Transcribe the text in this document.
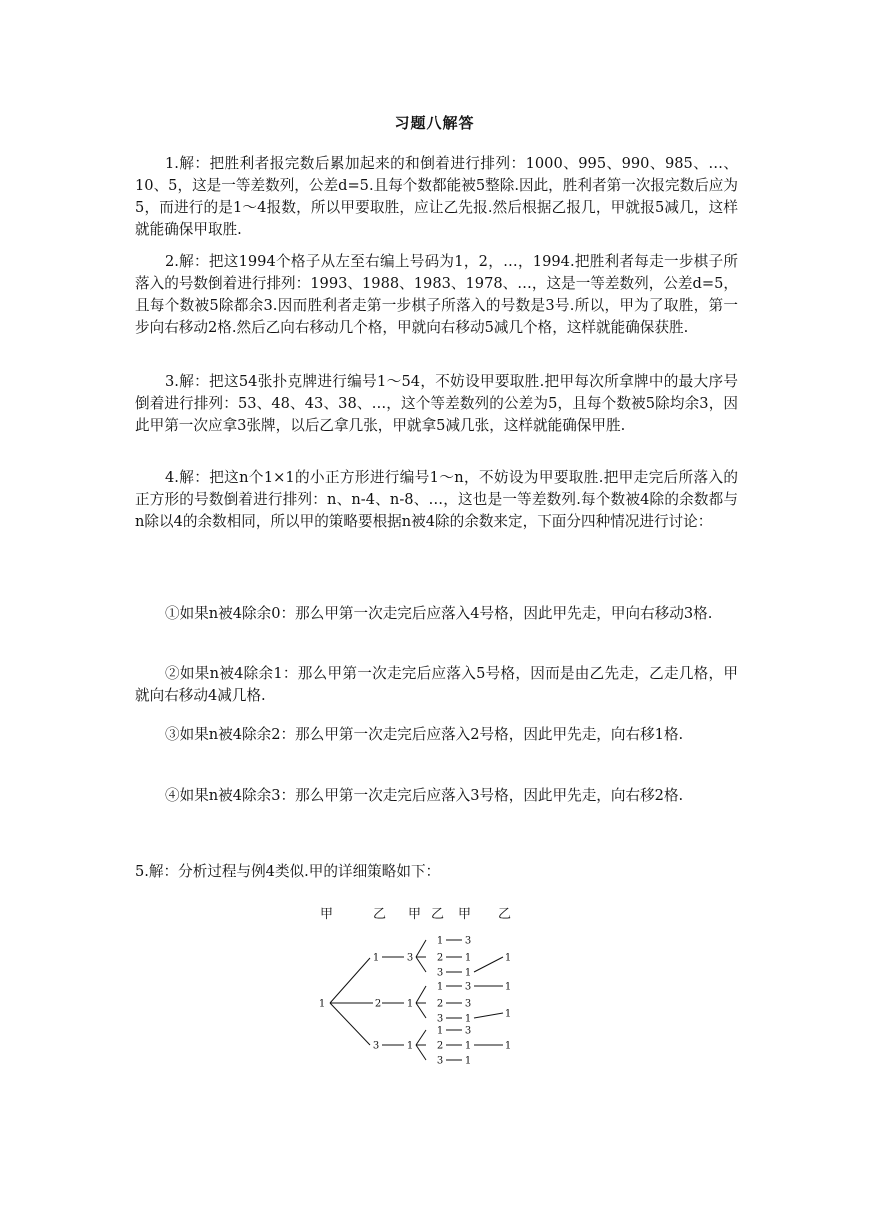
习题八解答

1.解：把胜利者报完数后累加起来的和倒着进行排列：1000、995、990、985、…、10、5，这是一等差数列，公差d=5.且每个数都能被5整除.因此，胜利者第一次报完数后应为5，而进行的是1～4报数，所以甲要取胜，应让乙先报.然后根据乙报几，甲就报5减几，这样就能确保甲取胜.

2.解：把这1994个格子从左至右编上号码为1，2，…，1994.把胜利者每走一步棋子所落入的号数倒着进行排列：1993、1988、1983、1978、…，这是一等差数列，公差d=5，且每个数被5除都余3.因而胜利者走第一步棋子所落入的号数是3号.所以，甲为了取胜，第一步向右移动2格.然后乙向右移动几个格，甲就向右移动5减几个格，这样就能确保获胜.

3.解：把这54张扑克牌进行编号1～54，不妨设甲要取胜.把甲每次所拿牌中的最大序号倒着进行排列：53、48、43、38、…，这个等差数列的公差为5，且每个数被5除均余3，因此甲第一次应拿3张牌，以后乙拿几张，甲就拿5减几张，这样就能确保甲胜.

4.解：把这n个1×1的小正方形进行编号1～n，不妨设为甲要取胜.把甲走完后所落入的正方形的号数倒着进行排列：n、n-4、n-8、…，这也是一等差数列.每个数被4除的余数都与n除以4的余数相同，所以甲的策略要根据n被4除的余数来定，下面分四种情况进行讨论：

①如果n被4除余0：那么甲第一次走完后应落入4号格，因此甲先走，甲向右移动3格.

②如果n被4除余1：那么甲第一次走完后应落入5号格，因而是由乙先走，乙走几格，甲就向右移动4减几格.

③如果n被4除余2：那么甲第一次走完后应落入2号格，因此甲先走，向右移1格.

④如果n被4除余3：那么甲第一次走完后应落入3号格，因此甲先走，向右移2格.

5.解：分析过程与例4类似.甲的详细策略如下：

甲	乙 甲 乙 甲 乙
1
1
2
3
3
1
1
1
2
3
1
2
3
1
2
3
3
1
1
3
3
1
3
1
1
1
1
1
1
